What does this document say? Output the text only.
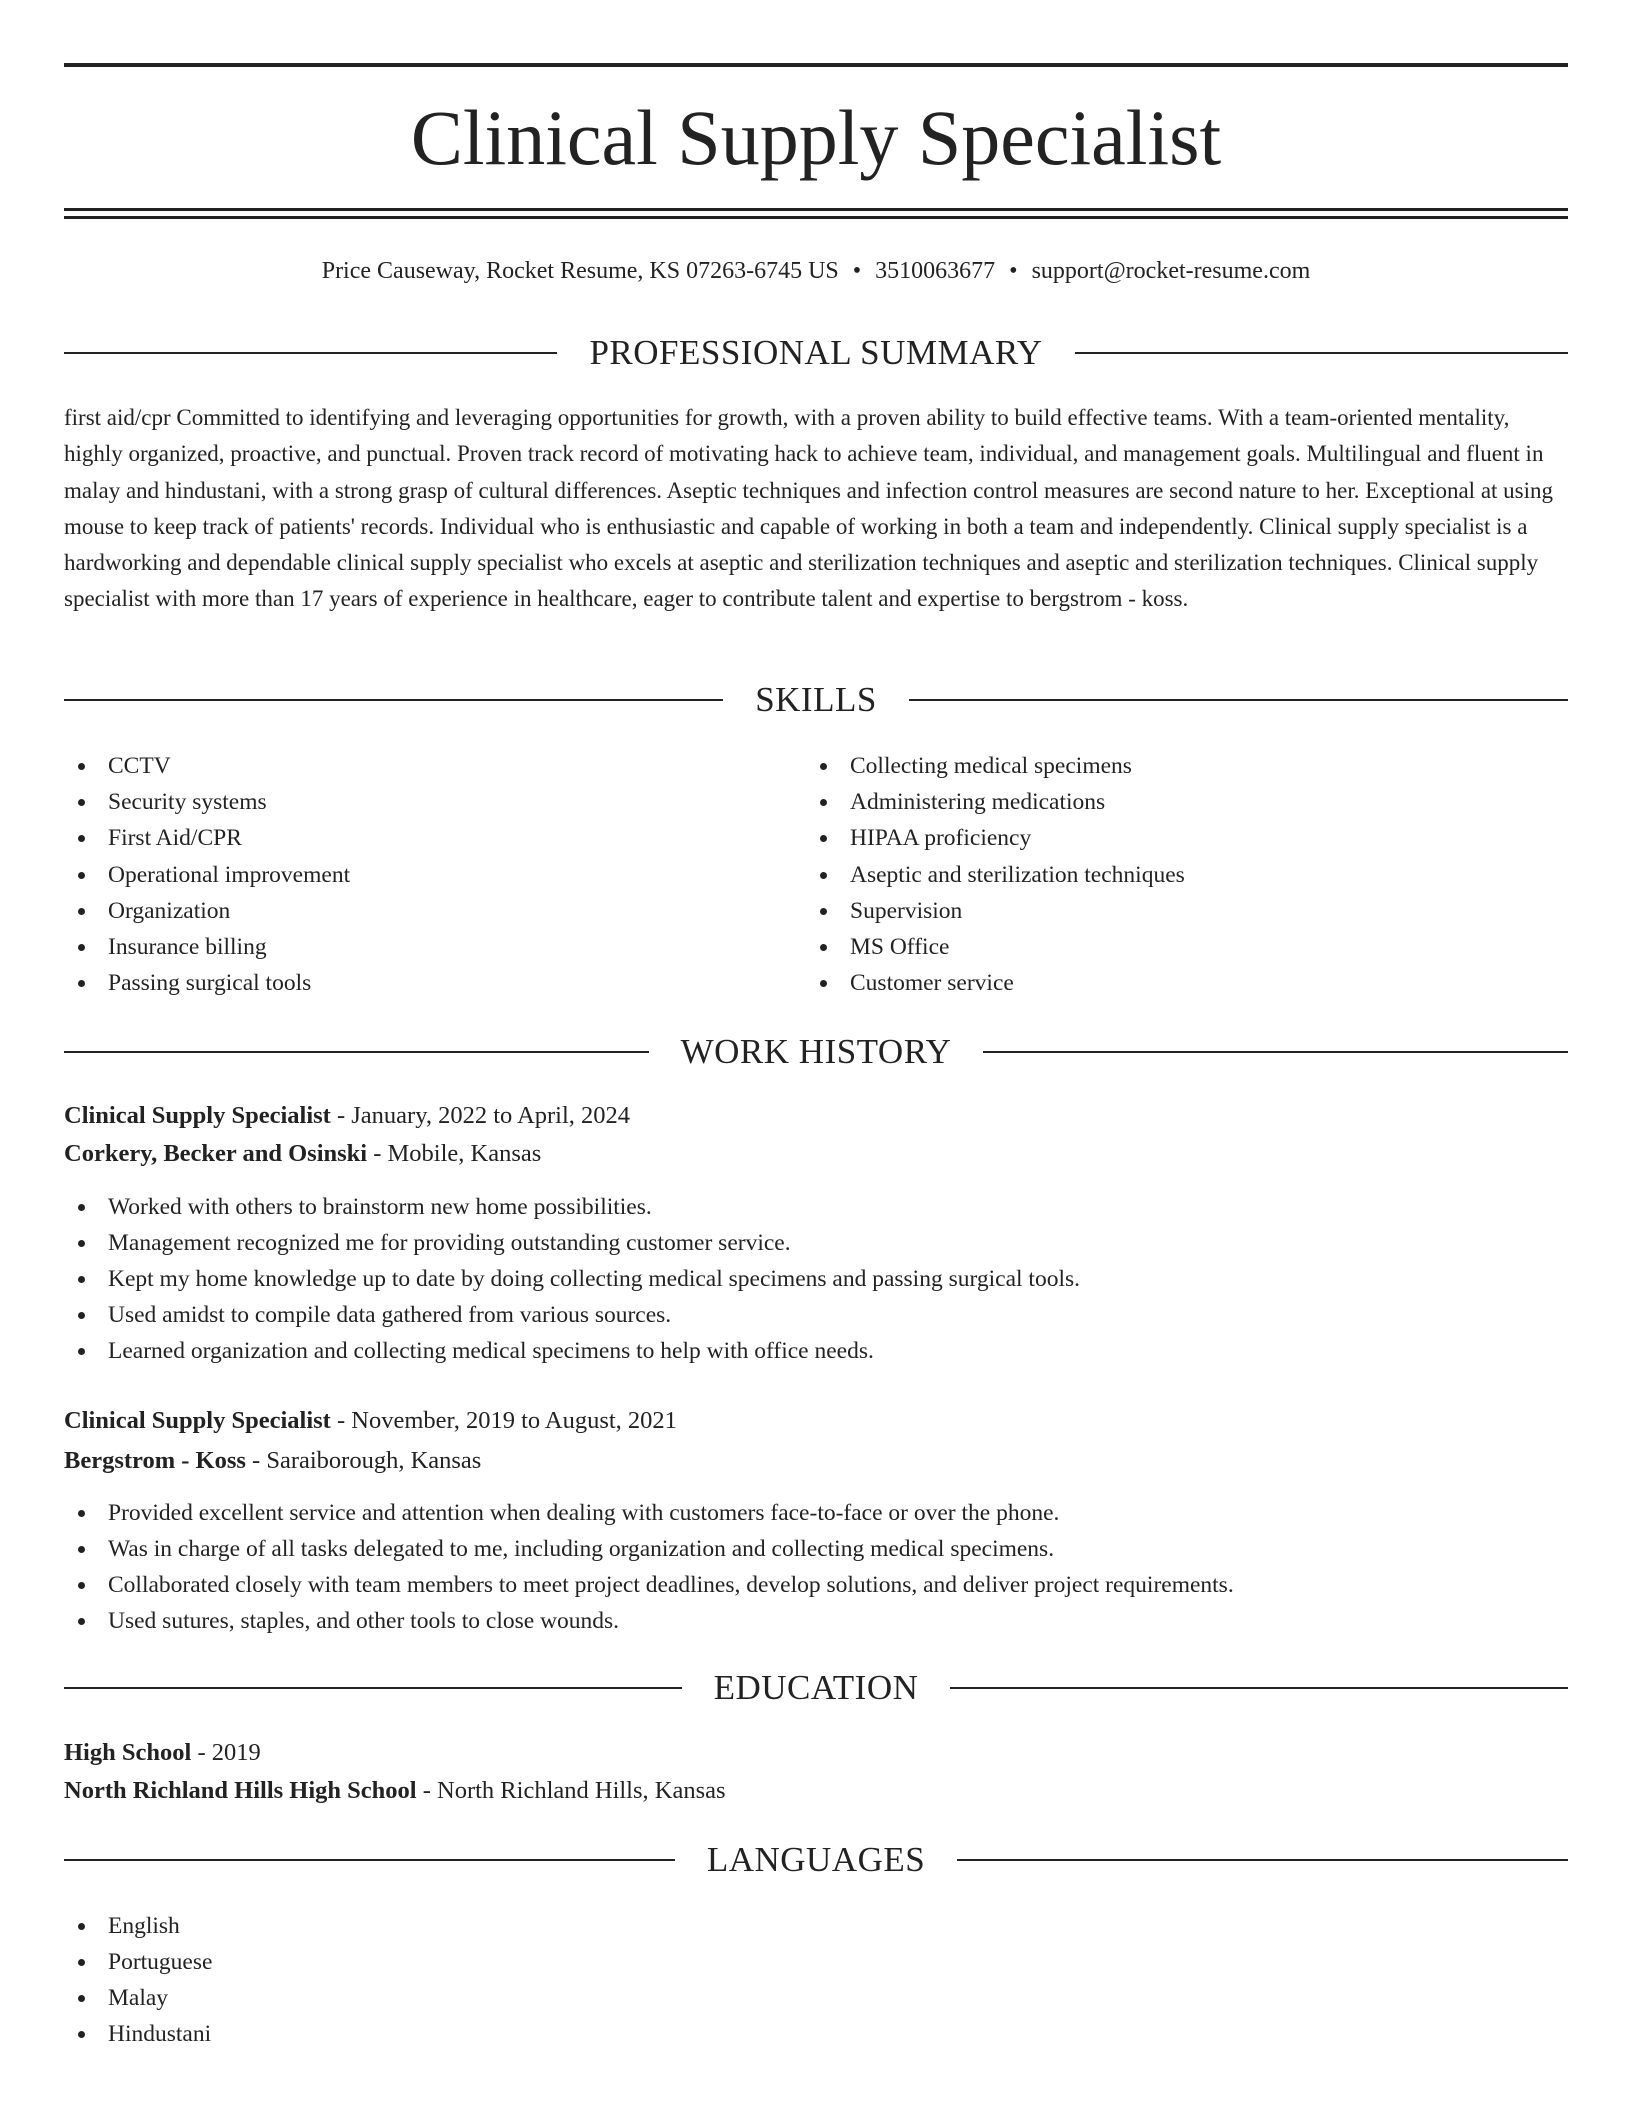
Clinical Supply Specialist
Price Causeway, Rocket Resume, KS 07263-6745 US • 3510063677 • support@rocket-resume.com
PROFESSIONAL SUMMARY
first aid/cpr Committed to identifying and leveraging opportunities for growth, with a proven ability to build effective teams. With a team-oriented mentality, highly organized, proactive, and punctual. Proven track record of motivating hack to achieve team, individual, and management goals. Multilingual and fluent in malay and hindustani, with a strong grasp of cultural differences. Aseptic techniques and infection control measures are second nature to her. Exceptional at using mouse to keep track of patients' records. Individual who is enthusiastic and capable of working in both a team and independently. Clinical supply specialist is a hardworking and dependable clinical supply specialist who excels at aseptic and sterilization techniques and aseptic and sterilization techniques. Clinical supply specialist with more than 17 years of experience in healthcare, eager to contribute talent and expertise to bergstrom - koss.
SKILLS
CCTV
Security systems
First Aid/CPR
Operational improvement
Organization
Insurance billing
Passing surgical tools
Collecting medical specimens
Administering medications
HIPAA proficiency
Aseptic and sterilization techniques
Supervision
MS Office
Customer service
WORK HISTORY
Clinical Supply Specialist - January, 2022 to April, 2024
Corkery, Becker and Osinski - Mobile, Kansas
Worked with others to brainstorm new home possibilities.
Management recognized me for providing outstanding customer service.
Kept my home knowledge up to date by doing collecting medical specimens and passing surgical tools.
Used amidst to compile data gathered from various sources.
Learned organization and collecting medical specimens to help with office needs.
Clinical Supply Specialist - November, 2019 to August, 2021
Bergstrom - Koss - Saraiborough, Kansas
Provided excellent service and attention when dealing with customers face-to-face or over the phone.
Was in charge of all tasks delegated to me, including organization and collecting medical specimens.
Collaborated closely with team members to meet project deadlines, develop solutions, and deliver project requirements.
Used sutures, staples, and other tools to close wounds.
EDUCATION
High School - 2019
North Richland Hills High School - North Richland Hills, Kansas
LANGUAGES
English
Portuguese
Malay
Hindustani
